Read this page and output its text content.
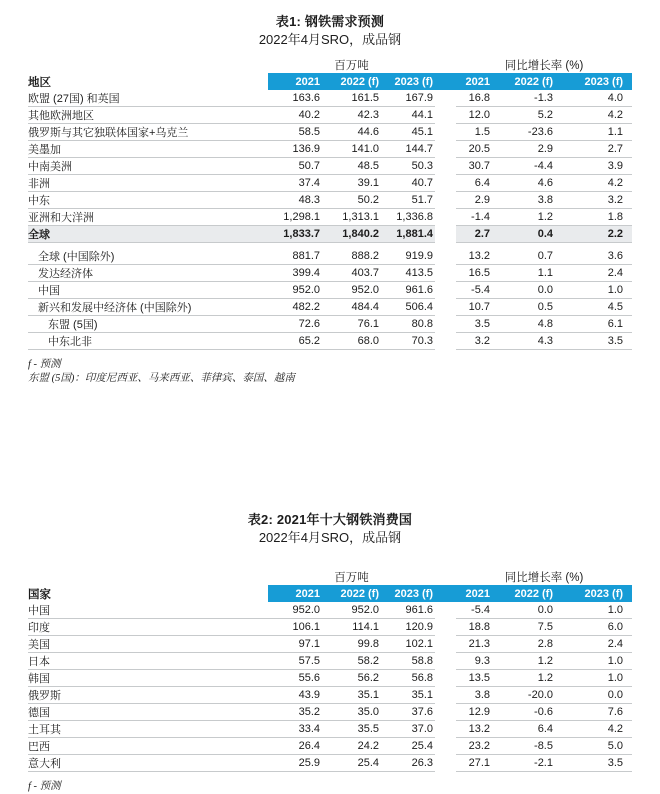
表1: 钢铁需求预测
2022年4月SRO，成品钢
	百万吨				同比增长率 (%)		
地区	2021	2022 (f)	2023 (f)		2021	2022 (f)	2023 (f)
欧盟 (27国) 和英国	163.6	161.5	167.9		16.8	-1.3	4.0
其他欧洲地区	40.2	42.3	44.1		12.0	5.2	4.2
俄罗斯与其它独联体国家+乌克兰	58.5	44.6	45.1		1.5	-23.6	1.1
美墨加	136.9	141.0	144.7		20.5	2.9	2.7
中南美洲	50.7	48.5	50.3		30.7	-4.4	3.9
非洲	37.4	39.1	40.7		6.4	4.6	4.2
中东	48.3	50.2	51.7		2.9	3.8	3.2
亚洲和大洋洲	1,298.1	1,313.1	1,336.8		-1.4	1.2	1.8
全球	1,833.7	1,840.2	1,881.4		2.7	0.4	2.2

全球 (中国除外)	881.7	888.2	919.9		13.2	0.7	3.6
发达经济体	399.4	403.7	413.5		16.5	1.1	2.4
中国	952.0	952.0	961.6		-5.4	0.0	1.0
新兴和发展中经济体 (中国除外)	482.2	484.4	506.4		10.7	0.5	4.5
东盟 (5国)	72.6	76.1	80.8		3.5	4.8	6.1
中东北非	65.2	68.0	70.3		3.2	4.3	3.5
f - 预测
东盟 (5国)：印度尼西亚、马来西亚、菲律宾、泰国、越南
表2: 2021年十大钢铁消费国
2022年4月SRO，成品钢
	百万吨				同比增长率 (%)		
国家	2021	2022 (f)	2023 (f)		2021	2022 (f)	2023 (f)
中国	952.0	952.0	961.6		-5.4	0.0	1.0
印度	106.1	114.1	120.9		18.8	7.5	6.0
美国	97.1	99.8	102.1		21.3	2.8	2.4
日本	57.5	58.2	58.8		9.3	1.2	1.0
韩国	55.6	56.2	56.8		13.5	1.2	1.0
俄罗斯	43.9	35.1	35.1		3.8	-20.0	0.0
德国	35.2	35.0	37.6		12.9	-0.6	7.6
土耳其	33.4	35.5	37.0		13.2	6.4	4.2
巴西	26.4	24.2	25.4		23.2	-8.5	5.0
意大利	25.9	25.4	26.3		27.1	-2.1	3.5
f - 预测
